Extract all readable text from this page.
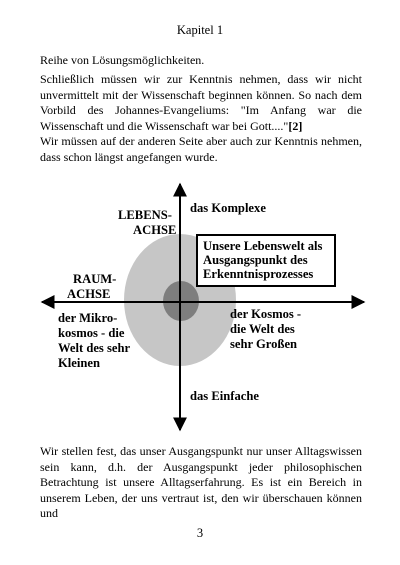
Kapitel 1

Reihe von Lösungsmöglichkeiten.

Schließlich müssen wir zur Kenntnis nehmen, dass wir nicht unvermittelt mit der Wissenschaft beginnen können. So nach dem Vorbild des Johannes-Evangeliums: "Im Anfang war die Wissenschaft und die Wissenschaft war bei Gott...."[2]

Wir müssen auf der anderen Seite aber auch zur Kenntnis nehmen, dass schon längst angefangen wurde.

das Komplexe
das Einfache
LEBENS-
ACHSE
RAUM-
ACHSE
Unsere Lebenswelt als
Ausgangspunkt des
Erkenntnisprozesses
der Mikro-
kosmos - die
Welt des sehr
Kleinen
der Kosmos -
die Welt des
sehr Großen

Wir stellen fest, das unser Ausgangspunkt nur unser Alltagswissen sein kann, d.h. der Ausgangspunkt jeder philosophischen Betrachtung ist unsere Alltagserfahrung. Es ist ein Bereich in unserem Leben, der uns vertraut ist, den wir überschauen können und

3
